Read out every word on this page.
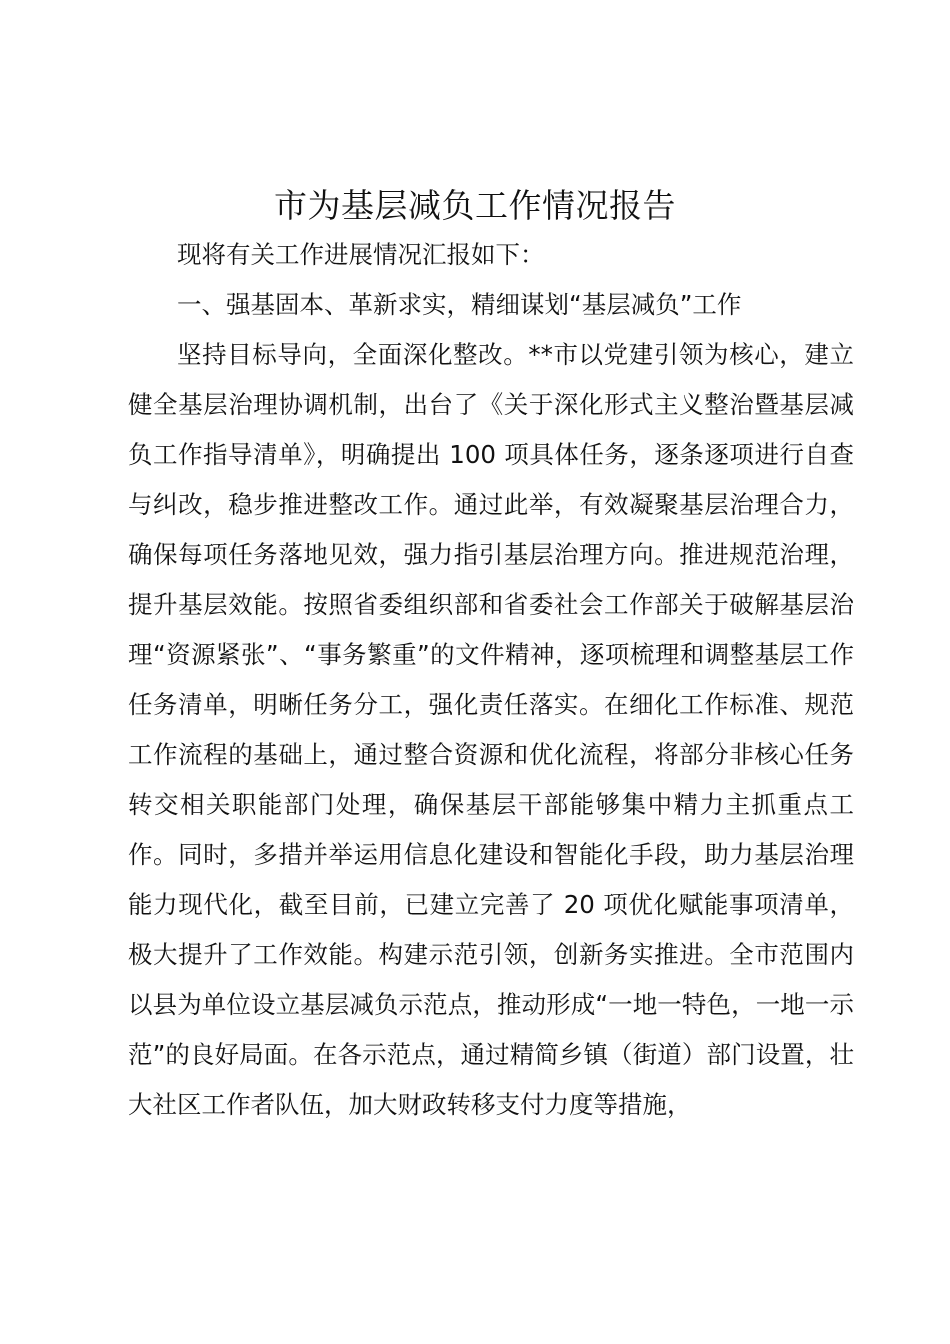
市为基层减负工作情况报告

现将有关工作进展情况汇报如下：

一、强基固本、革新求实，精细谋划“基层减负”工作

坚持目标导向，全面深化整改。**市以党建引领为核心，建立健全基层治理协调机制，出台了《关于深化形式主义整治暨基层减负工作指导清单》，明确提出 100 项具体任务，逐条逐项进行自查与纠改，稳步推进整改工作。通过此举，有效凝聚基层治理合力，确保每项任务落地见效，强力指引基层治理方向。推进规范治理，提升基层效能。按照省委组织部和省委社会工作部关于破解基层治理“资源紧张”、“事务繁重”的文件精神，逐项梳理和调整基层工作任务清单，明晰任务分工，强化责任落实。在细化工作标准、规范工作流程的基础上，通过整合资源和优化流程，将部分非核心任务转交相关职能部门处理，确保基层干部能够集中精力主抓重点工作。同时，多措并举运用信息化建设和智能化手段，助力基层治理能力现代化，截至目前，已建立完善了 20 项优化赋能事项清单，极大提升了工作效能。构建示范引领，创新务实推进。全市范围内以县为单位设立基层减负示范点，推动形成“一地一特色，一地一示范”的良好局面。在各示范点，通过精简乡镇（街道）部门设置，壮大社区工作者队伍，加大财政转移支付力度等措施，
